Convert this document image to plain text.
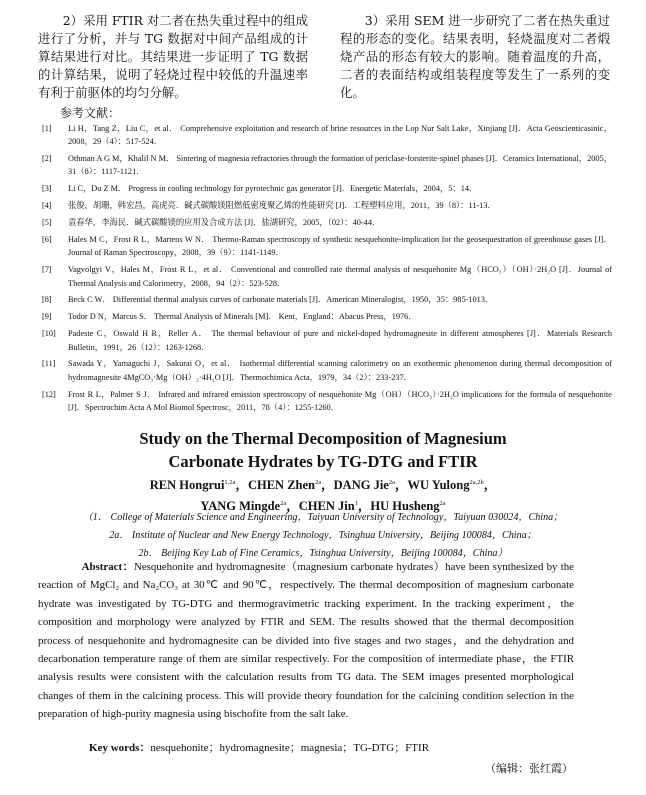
2）采用 FTIR 对二者在热失重过程中的组成进行了分析，并与 TG 数据对中间产品组成的计算结果进行对比。其结果进一步证明了 TG 数据的计算结果，说明了轻烧过程中较低的升温速率有利于前驱体的均匀分解。

3）采用 SEM 进一步研究了二者在热失重过程的形态的变化。结果表明，轻烧温度对二者煅烧产品的形态有较大的影响。随着温度的升高，二者的表面结构或组装程度等发生了一系列的变化。

参考文献：
[1]	Li H，Tang Z，Liu C，et al． Comprehensive exploitation and research of brine resources in the Lop Nur Salt Lake，Xinjiang [J]．Acta Geoscienticasinic，2008，29（4）：517-524．
[2]	Othman A G M，Khalil N M． Sintering of magnesia refractories through the formation of periclase-forsterite-spinel phases [J]．Ceramics International，2005，31（8）：1117-1121．
[3]	Li C，Du Z M． Progress in cooling technology for pyrotechnic gas generator [J]．Energetic Materials，2004，5：14．
[4]	张俊，胡珊，韩宏昌，高虎亮．碱式碳酸镁阻燃低密度聚乙烯的性能研究 [J]．工程塑料应用，2011，39（8）：11-13．
[5]	袁春华，李海民．碱式碳酸镁的应用及合成方法 [J]．盐湖研究，2005，（02）：40-44．
[6]	Hales M C，Frost R L，Martens W N． Thermo-Raman spectroscopy of synthetic nesquehonite-implication for the geosequestration of greenhouse gases [J]．Journal of Raman Spectroscopy，2008，39（9）：1141-1149．
[7]	Vagvolgyi V，Hales M，Frost R L，et al． Conventional and controlled rate thermal analysis of nesquehonite Mg（HCO₃）（OH）·2H₂O [J]．Journal of Thermal Analysis and Calorimetry，2008，94（2）：523-528．
[8]	Beck C W． Differential thermal analysis curves of carbonate materials [J]．American Mineralogist，1950，35：985-1013．
[9]	Todor D N，Marcus S． Thermal Analysis of Minerals [M]． Kent，England：Abacus Press，1976．
[10]	Padeste C，Oswald H R，Reller A． The thermal behaviour of pure and nickel-doped hydromagnesite in different atmospheres [J]．Materials Research Bulletin，1991，26（12）：1263-1268．
[11]	Sawada Y，Yamaguchi J，Sakurai O，et al． Isothermal differential scanning calorimetry on an exothermic phenomenon during thermal decomposition of hydromagnesite 4MgCO₃·Mg（OH）₂·4H₂O [J]．Thermochimica Acta，1979，34（2）：233-237．
[12]	Frost R L，Palmer S J． Infrared and infrared emission spectroscopy of nesquehonite Mg（OH）（HCO₃）·2H₂O implications for the formula of nesquehonite [J]．Spectrochim Acta A Mol Biomol Spectrosc，2011，78（4）：1255-1260．
Study on the Thermal Decomposition of Magnesium
Carbonate Hydrates by TG-DTG and FTIR
REN Hongrui$^{1,2a}$，CHEN Zhen$^{2a}$，DANG Jie$^{2a}$，WU Yulong$^{2a,2b}$，
YANG Mingde$^{2a}$，CHEN Jin$^1$，HU Husheng$^{2a}$
（1． College of Materials Science and Engineering，Taiyuan University of Technology，Taiyuan 030024，China；
2a． Institute of Nuclear and New Energy Technology，Tsinghua University，Beijing 100084，China；
2b． Beijing Key Lab of Fine Ceramics，Tsinghua University，Beijing 100084，China）

Abstract：Nesquehonite and hydromagnesite（magnesium carbonate hydrates）have been synthesized by the reaction of MgCl₂ and Na₂CO₃ at 30℃ and 90℃，respectively. The thermal decomposition of magnesium carbonate hydrate was investigated by TG-DTG and thermogravimetric tracking experiment. In the tracking experiment，the composition and morphology were analyzed by FTIR and SEM. The results showed that the thermal decomposition process of nesquehonite and hydromagnesite can be divided into five stages and two stages，and the dehydration and decarbonation temperature range of them are similar respectively. For the composition of intermediate phase，the FTIR analysis results were consistent with the calculation results from TG data. The SEM images presented morphological changes of them in the calcining process. This will provide theory foundation for the calcining condition selection in the preparation of high-purity magnesia using bischofite from the salt lake.

Key words：nesquehonite；hydromagnesite；magnesia；TG-DTG；FTIR

（编辑：张红霞）
